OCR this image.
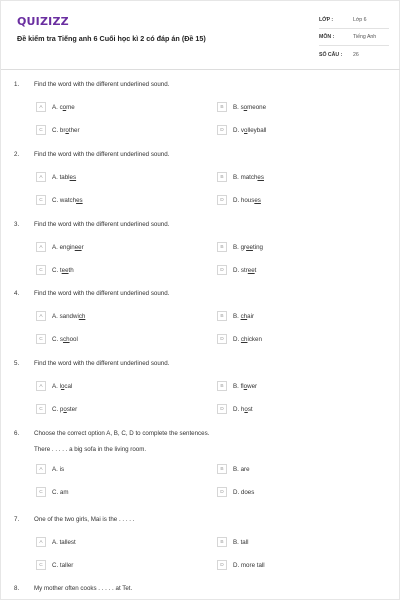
QUIZIZZ
Đề kiểm tra Tiếng anh 6 Cuối học kì 2 có đáp án (Đề 15)
LỚP :	Lớp 6
MÔN :	Tiếng Anh
SỐ CÂU :	26
1. Find the word with the different underlined sound.
A	A. come	B	B. someone
C	C. brother	D	D. volleyball
2. Find the word with the different underlined sound.
A	A. tables	B	B. matches
C	C. watches	D	D. houses
3. Find the word with the different underlined sound.
A	A. engineer	B	B. greeting
C	C. teeth	D	D. street
4. Find the word with the different underlined sound.
A	A. sandwich	B	B. chair
C	C. school	D	D. chicken
5. Find the word with the different underlined sound.
A	A. local	B	B. flower
C	C. poster	D	D. host
6. Choose the correct option A, B, C, D to complete the sentences.
There . . . . . a big sofa in the living room.
A	A. is	B	B. are
C	C. am	D	D. does
7. One of the two girls, Mai is the . . . . .
A	A. tallest	B	B. tall
C	C. taller	D	D. more tall
8. My mother often cooks . . . . . at Tet.
